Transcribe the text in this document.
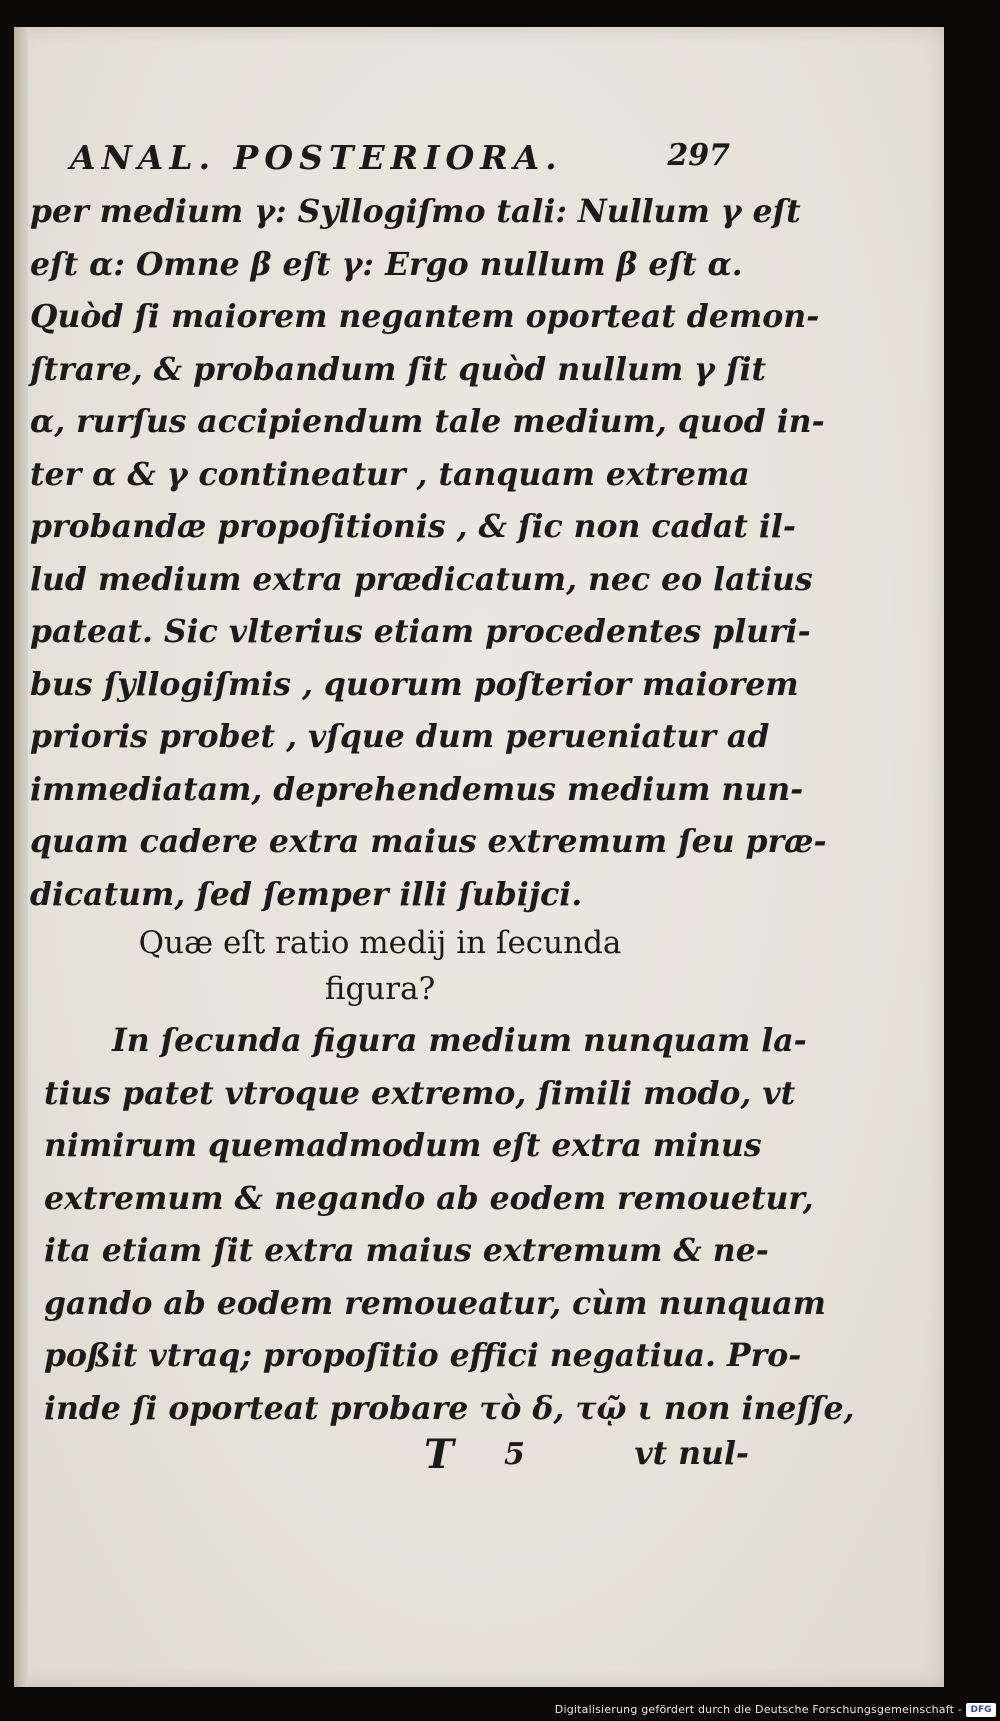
ANAL. POSTERIORA.	297
per medium γ: Syllogiſmo tali: Nullum γ eſt
eſt α: Omne β eſt γ: Ergo nullum β eſt α.
Quòd ſi maiorem negantem oporteat demon-
ſtrare, & probandum ſit quòd nullum γ ſit
α, rurſus accipiendum tale medium, quod in-
ter α & γ contineatur , tanquam extrema
probandæ propoſitionis , & ſic non cadat il-
lud medium extra prædicatum, nec eo latius
pateat. Sic vlterius etiam procedentes pluri-
bus ſyllogiſmis , quorum poſterior maiorem
prioris probet , vſque dum perueniatur ad
immediatam, deprehendemus medium nun-
quam cadere extra maius extremum ſeu præ-
dicatum, ſed ſemper illi ſubijci.
Quæ eſt ratio medij in ſecunda
figura?
In ſecunda figura medium nunquam la-
tius patet vtroque extremo, ſimili modo, vt
nimirum quemadmodum eſt extra minus
extremum & negando ab eodem remouetur,
ita etiam ſit extra maius extremum & ne-
gando ab eodem remoueatur, cùm nunquam
poßit vtraq; propoſitio effici negatiua. Pro-
inde ſi oporteat probare τὸ δ, τῷ ι non ineſſe,
T 5	vt nul-
Digitalisierung gefördert durch die Deutsche Forschungsgemeinschaft - DFG
